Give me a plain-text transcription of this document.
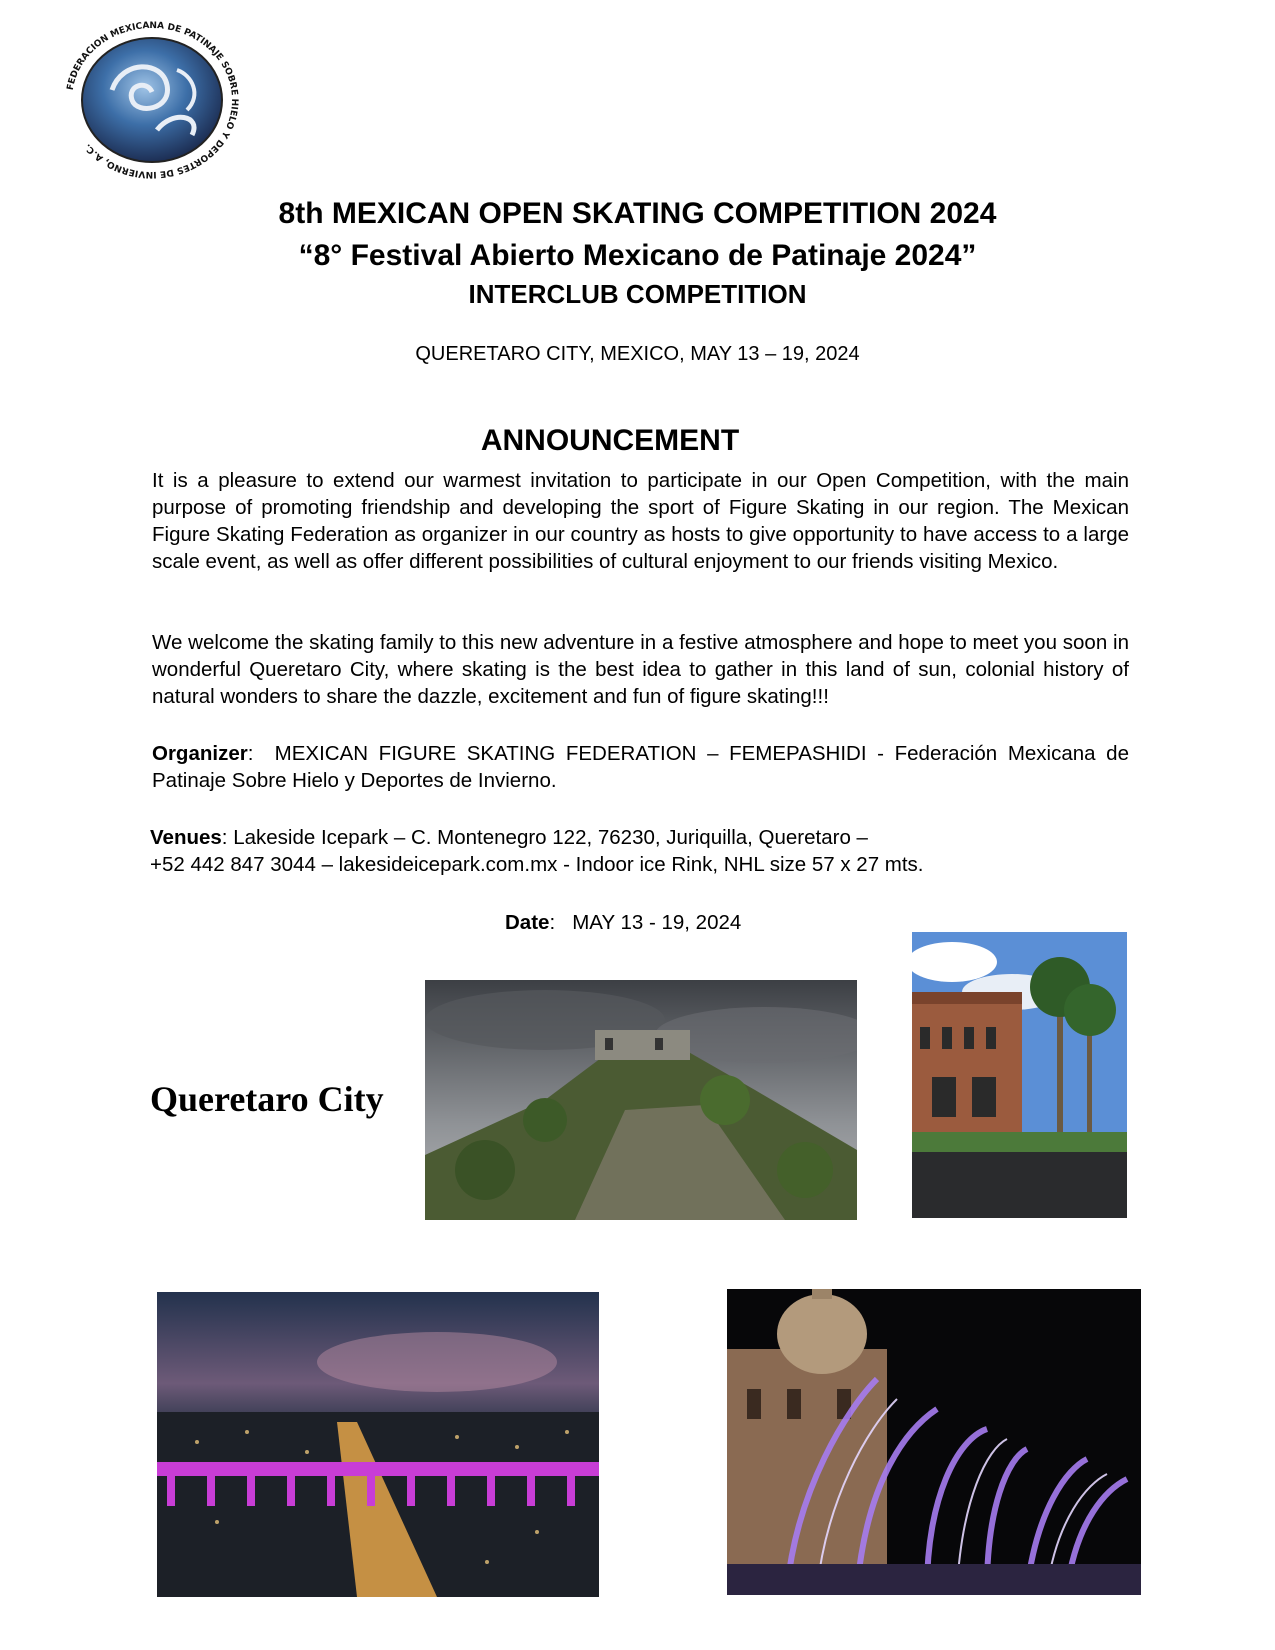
FEDERACION MEXICANA DE PATINAJE SOBRE HIELO Y DEPORTES DE INVIERNO, A.C.
8th MEXICAN OPEN SKATING COMPETITION 2024
“8° Festival Abierto Mexicano de Patinaje 2024”
INTERCLUB COMPETITION
QUERETARO CITY, MEXICO, MAY 13 – 19, 2024
ANNOUNCEMENT
It is a pleasure to extend our warmest invitation to participate in our Open Competition, with the main purpose of promoting friendship and developing the sport of Figure Skating in our region. The Mexican Figure Skating Federation as organizer in our country as hosts to give opportunity to have access to a large scale event, as well as offer different possibilities of cultural enjoyment to our friends visiting Mexico.
We welcome the skating family to this new adventure in a festive atmosphere and hope to meet you soon in wonderful Queretaro City, where skating is the best idea to gather in this land of sun, colonial history of natural wonders to share the dazzle, excitement and fun of figure skating!!!
Organizer:  MEXICAN FIGURE SKATING FEDERATION – FEMEPASHIDI - Federación Mexicana de Patinaje Sobre Hielo y Deportes de Invierno.
Venues: Lakeside Icepark – C. Montenegro 122, 76230, Juriquilla, Queretaro –
+52 442 847 3044 – lakesideicepark.com.mx - Indoor ice Rink, NHL size 57 x 27 mts.
Date:   MAY 13 - 19, 2024
Queretaro City
